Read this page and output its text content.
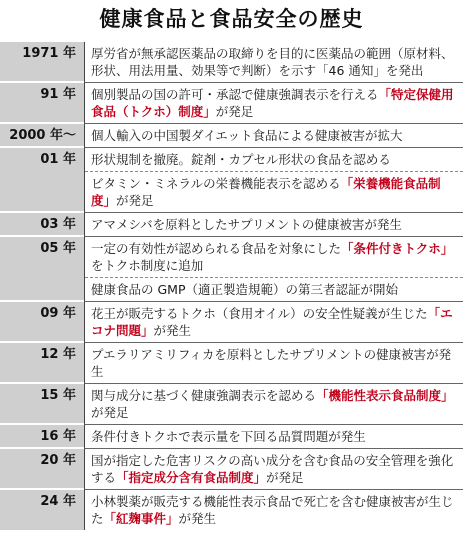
健康食品と食品安全の歴史
1971 年	厚労省が無承認医薬品の取締りを目的に医薬品の範囲（原材料、形状、用法用量、効果等で判断）を示す「46 通知」を発出
91 年	個別製品の国の許可・承認で健康強調表示を行える「特定保健用食品（トクホ）制度」が発足
2000 年〜	個人輸入の中国製ダイエット食品による健康被害が拡大
01 年	形状規制を撤廃。錠剤・カプセル形状の食品を認める
ビタミン・ミネラルの栄養機能表示を認める「栄養機能食品制度」が発足
03 年	アマメシバを原料としたサプリメントの健康被害が発生
05 年	一定の有効性が認められる食品を対象にした「条件付きトクホ」をトクホ制度に追加
健康食品の GMP（適正製造規範）の第三者認証が開始
09 年	花王が販売するトクホ（食用オイル）の安全性疑義が生じた「エコナ問題」が発生
12 年	プエラリアミリフィカを原料としたサプリメントの健康被害が発生
15 年	関与成分に基づく健康強調表示を認める「機能性表示食品制度」が発足
16 年	条件付きトクホで表示量を下回る品質問題が発生
20 年	国が指定した危害リスクの高い成分を含む食品の安全管理を強化する「指定成分含有食品制度」が発足
24 年	小林製薬が販売する機能性表示食品で死亡を含む健康被害が生じた「紅麹事件」が発生
